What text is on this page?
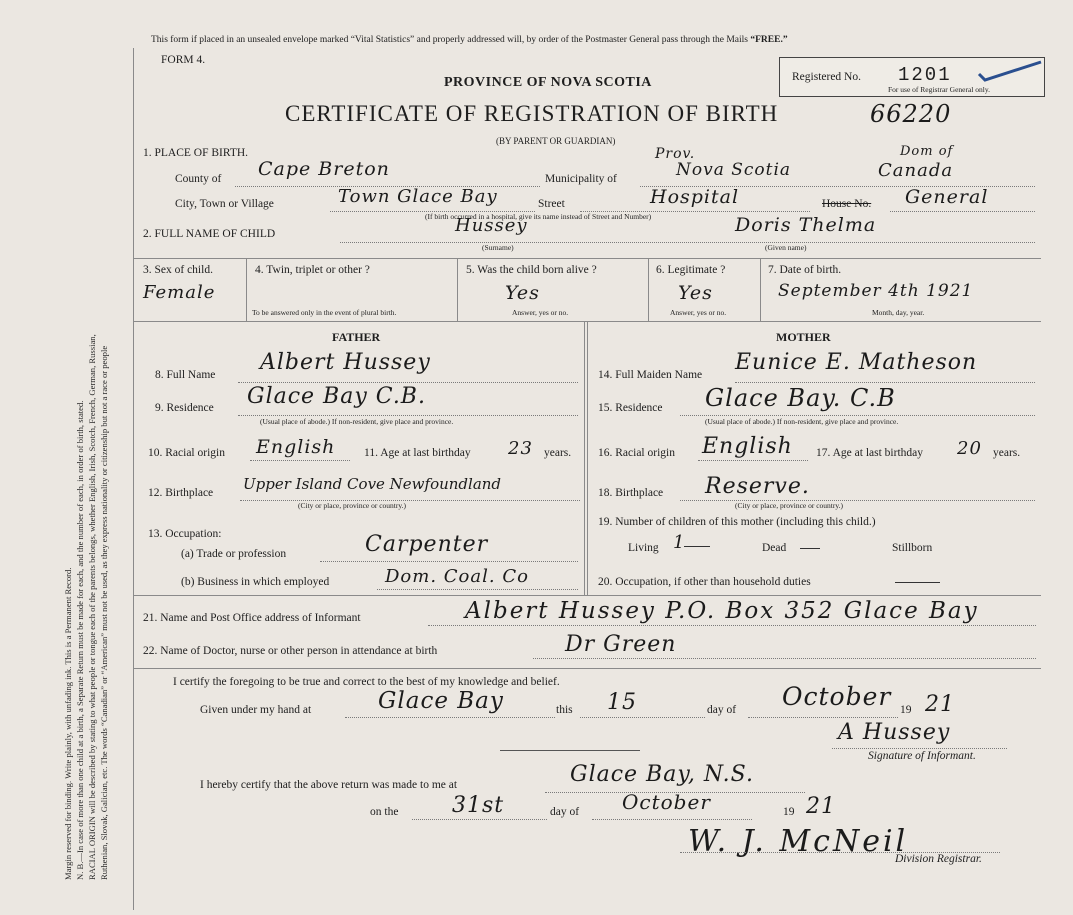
Margin reserved for binding. Write plainly, with unfading ink. This is a Permanent Record. N. B.—In case of more than one child at a birth, a Separate Return must be made for each, and the number of each, in order of birth, stated. RACIAL ORIGIN will be described by stating to what people or tongue each of the parents belongs, whether English, Irish, Scotch, French, German, Russian, Ruthenian, Slovak, Galician, etc. The words “Canadian” or “American” must not be used, as they express nationality or citizenship but not a race or people
This form if placed in an unsealed envelope marked “Vital Statistics” and properly addressed will, by order of the Postmaster General pass through the Mails “FREE.”
FORM 4.
PROVINCE OF NOVA SCOTIA
CERTIFICATE OF REGISTRATION OF BIRTH	66220
(BY PARENT OR GUARDIAN)
Registered No. 1201
For use of Registrar General only.
1. PLACE OF BIRTH.
County of Cape Breton	Municipality of
Prov.
Nova Scotia
Dom of
Canada
City, Town or Village	Town Glace Bay	Street	Hospital	House No. General
(If birth occurred in a hospital, give its name instead of Street and Number)
2. FULL NAME OF CHILD	Hussey
(Surname)
Doris Thelma
(Given name)
3. Sex of child.
Female
4. Twin, triplet or other ?
To be answered only in the event of plural birth.
5. Was the child born alive ?
Yes
Answer, yes or no.
6. Legitimate ?
Yes
Answer, yes or no.
7. Date of birth.
September 4th 1921
Month, day, year.
FATHER	MOTHER
8. Full Name Albert Hussey
9. Residence Glace Bay C.B.
(Usual place of abode.) If non-resident, give place and province.
10. Racial origin English 11. Age at last birthday 23 years.
12. Birthplace Upper Island Cove Newfoundland
(City or place, province or country.)
13. Occupation:
(a) Trade or profession	Carpenter
(b) Business in which employed	Dom. Coal. Co
14. Full Maiden Name Eunice E. Matheson
15. Residence Glace Bay. C.B
(Usual place of abode.) If non-resident, give place and province.
16. Racial origin English 17. Age at last birthday 20 years.
18. Birthplace Reserve.
(City or place, province or country.)
19. Number of children of this mother (including this child.)
Living 1	Dead	Stillborn
20. Occupation, if other than household duties
21. Name and Post Office address of Informant	Albert Hussey P.O. Box 352 Glace Bay
22. Name of Doctor, nurse or other person in attendance at birth	Dr Green
I certify the foregoing to be true and correct to the best of my knowledge and belief.
Given under my hand at	Glace Bay	this 15	day of October 19 21
A Hussey
Signature of Informant.
I hereby certify that the above return was made to me at	Glace Bay, N.S.
on the 31st	day of October	19 21
W. J. McNeil
Division Registrar.
